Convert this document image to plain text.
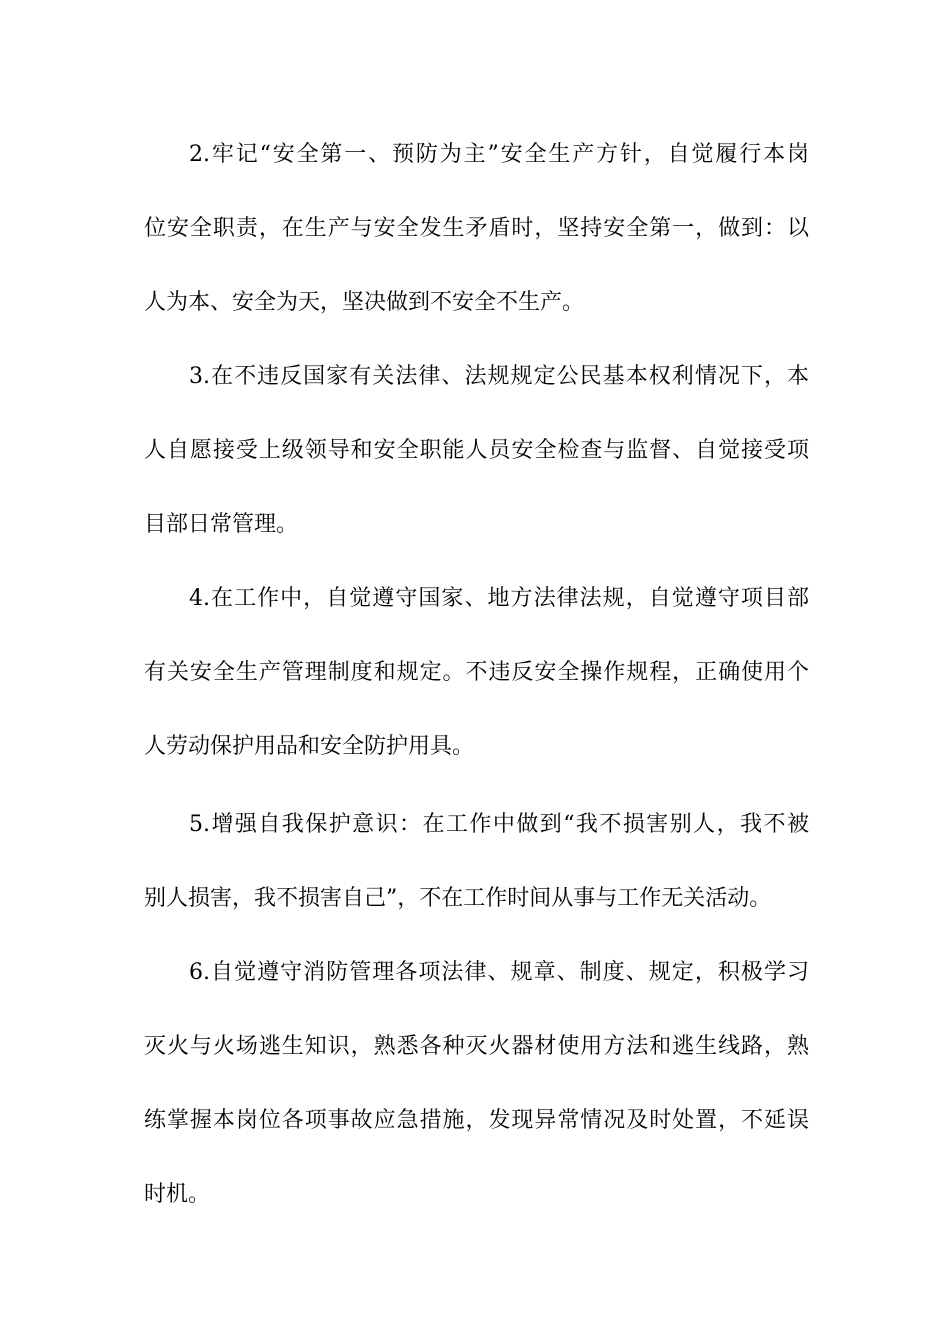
2.牢记“安全第一、预防为主”安全生产方针，自觉履行本岗
位安全职责，在生产与安全发生矛盾时，坚持安全第一，做到：以
人为本、安全为天，坚决做到不安全不生产。
3.在不违反国家有关法律、法规规定公民基本权利情况下，本
人自愿接受上级领导和安全职能人员安全检查与监督、自觉接受项
目部日常管理。
4.在工作中，自觉遵守国家、地方法律法规，自觉遵守项目部
有关安全生产管理制度和规定。不违反安全操作规程，正确使用个
人劳动保护用品和安全防护用具。
5.增强自我保护意识：在工作中做到“我不损害别人，我不被
别人损害，我不损害自己”，不在工作时间从事与工作无关活动。
6.自觉遵守消防管理各项法律、规章、制度、规定，积极学习
灭火与火场逃生知识，熟悉各种灭火器材使用方法和逃生线路，熟
练掌握本岗位各项事故应急措施，发现异常情况及时处置，不延误
时机。
